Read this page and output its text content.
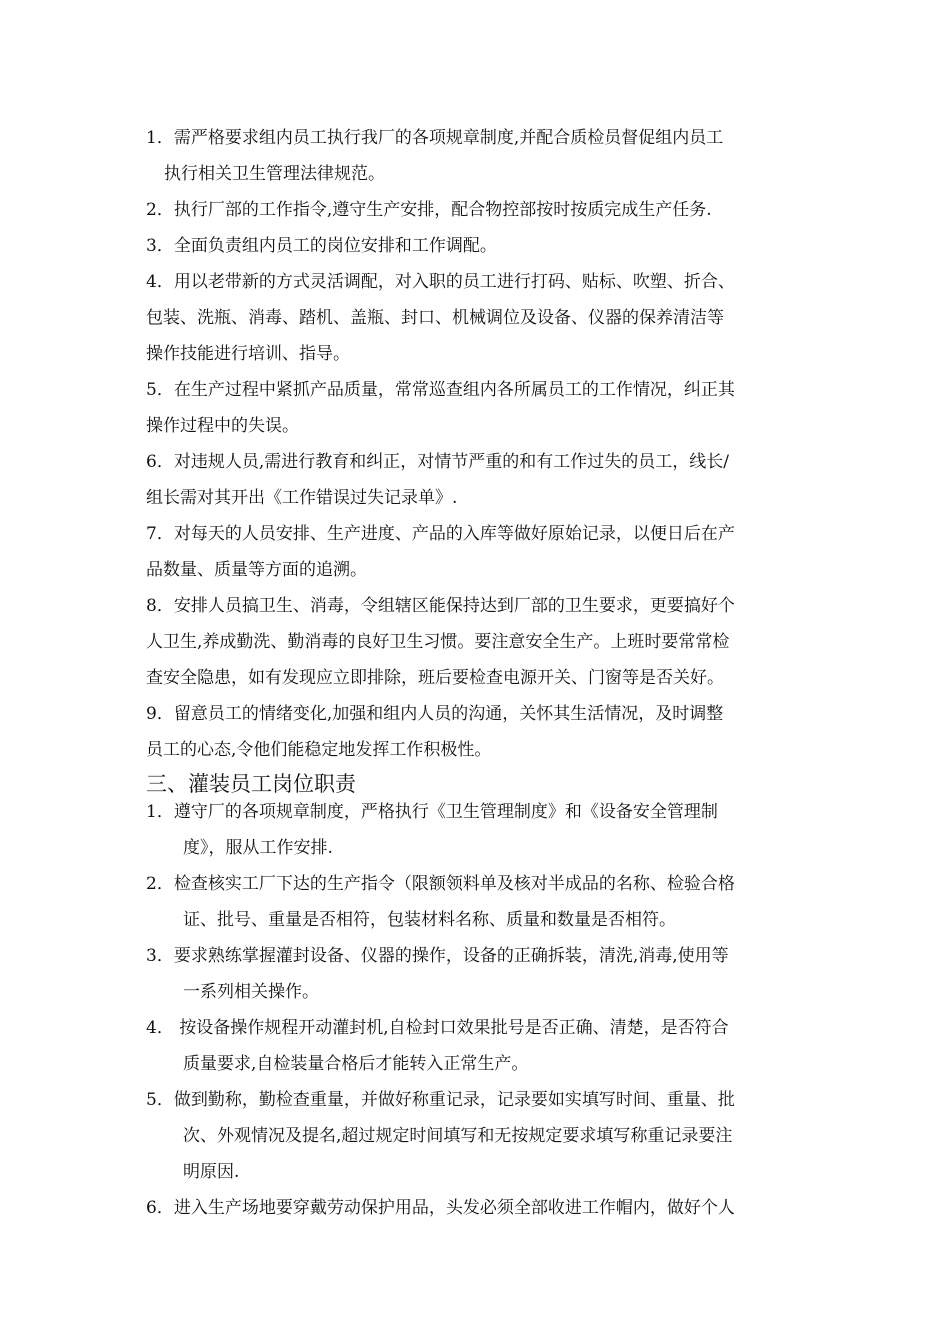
1．需严格要求组内员工执行我厂的各项规章制度,并配合质检员督促组内员工
执行相关卫生管理法律规范。
2．执行厂部的工作指令,遵守生产安排，配合物控部按时按质完成生产任务.
3．全面负责组内员工的岗位安排和工作调配。
4．用以老带新的方式灵活调配，对入职的员工进行打码、贴标、吹塑、折合、
包装、洗瓶、消毒、踏机、盖瓶、封口、机械调位及设备、仪器的保养清洁等
操作技能进行培训、指导。
5．在生产过程中紧抓产品质量，常常巡查组内各所属员工的工作情况，纠正其
操作过程中的失误。
6．对违规人员,需进行教育和纠正，对情节严重的和有工作过失的员工，线长/
组长需对其开出《工作错误过失记录单》.
7．对每天的人员安排、生产进度、产品的入库等做好原始记录，以便日后在产
品数量、质量等方面的追溯。
8．安排人员搞卫生、消毒，令组辖区能保持达到厂部的卫生要求，更要搞好个
人卫生,养成勤洗、勤消毒的良好卫生习惯。要注意安全生产。上班时要常常检
查安全隐患，如有发现应立即排除，班后要检查电源开关、门窗等是否关好。
9．留意员工的情绪变化,加强和组内人员的沟通，关怀其生活情况，及时调整
员工的心态,令他们能稳定地发挥工作积极性。
三、灌装员工岗位职责
1．遵守厂的各项规章制度，严格执行《卫生管理制度》和《设备安全管理制
度》，服从工作安排.
2．检查核实工厂下达的生产指令（限额领料单及核对半成品的名称、检验合格
证、批号、重量是否相符，包装材料名称、质量和数量是否相符。
3．要求熟练掌握灌封设备、仪器的操作，设备的正确拆装，清洗,消毒,使用等
一系列相关操作。
4． 按设备操作规程开动灌封机,自检封口效果批号是否正确、清楚，是否符合
质量要求,自检装量合格后才能转入正常生产。
5．做到勤称，勤检查重量，并做好称重记录，记录要如实填写时间、重量、批
次、外观情况及提名,超过规定时间填写和无按规定要求填写称重记录要注
明原因.
6．进入生产场地要穿戴劳动保护用品，头发必须全部收进工作帽内，做好个人
